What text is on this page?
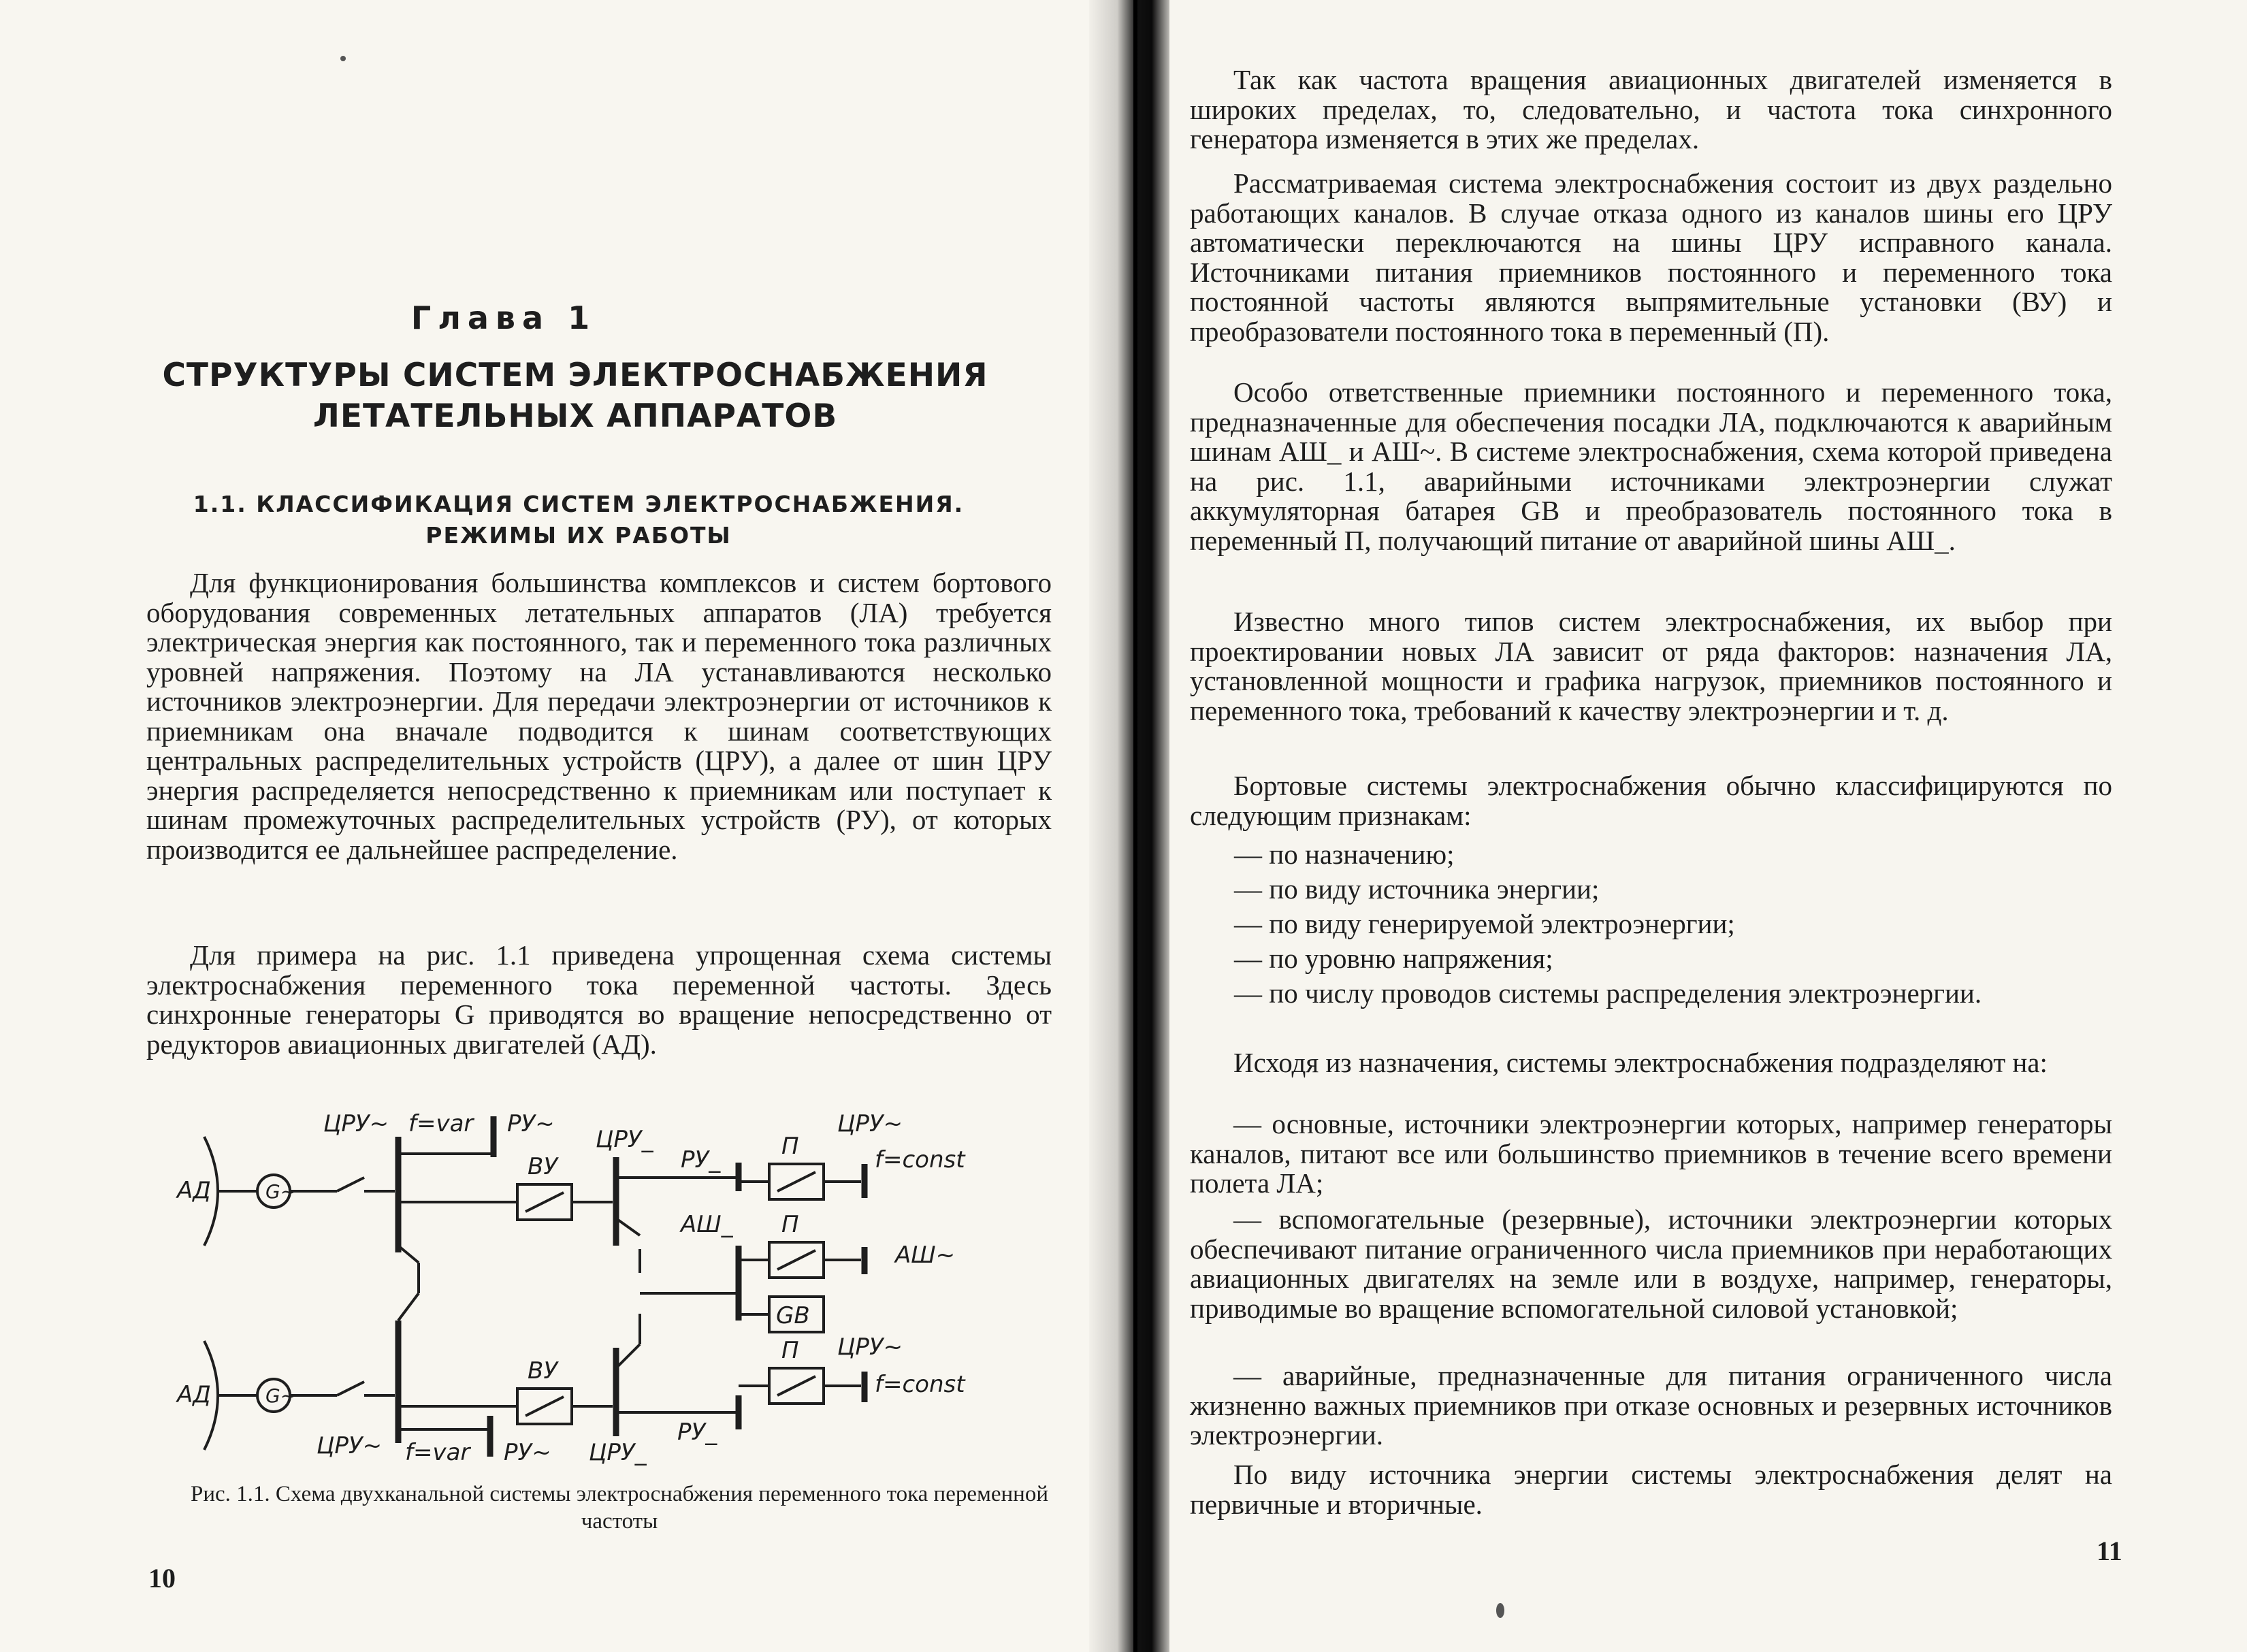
Глава 1
СТРУКТУРЫ СИСТЕМ ЭЛЕКТРОСНАБЖЕНИЯ ЛЕТАТЕЛЬНЫХ АППАРАТОВ
1.1. КЛАССИФИКАЦИЯ СИСТЕМ ЭЛЕКТРОСНАБЖЕНИЯ. РЕЖИМЫ ИХ РАБОТЫ

Для функционирования большинства комплексов и систем бортового оборудования современных летательных аппаратов (ЛА) требуется электрическая энергия как постоянного, так и переменного тока различных уровней напряжения. Поэтому на ЛА устанавливаются несколько источников электроэнергии. Для передачи электроэнергии от источников к приемникам она вначале подводится к шинам соответствующих центральных распределительных устройств (ЦРУ), а далее от шин ЦРУ энергия распределяется непосредственно к приемникам или поступает к шинам промежуточных распределительных устройств (РУ), от которых производится ее дальнейшее распределение.

Для примера на рис. 1.1 приведена упрощенная схема системы электроснабжения переменного тока переменной частоты. Здесь синхронные генераторы G приводятся во вращение непосредственно от редукторов авиационных двигателей (АД).

АД
АД
G~
G~
ЦРУ~
ЦРУ~
f=var РУ~
f=var РУ~
ВУ
ВУ
ЦРУ_
ЦРУ_
РУ_
РУ_
АШ_
П
П
GB
П
ЦРУ~
f=const
АШ~
ЦРУ~
f=const
Рис. 1.1. Схема двухканальной системы электроснабжения переменного тока переменной частоты
10

Так как частота вращения авиационных двигателей изменяется в широких пределах, то, следовательно, и частота тока синхронного генератора изменяется в этих же пределах.

Рассматриваемая система электроснабжения состоит из двух раздельно работающих каналов. В случае отказа одного из каналов шины его ЦРУ автоматически переключаются на шины ЦРУ исправного канала. Источниками питания приемников постоянного и переменного тока постоянной частоты являются выпрямительные установки (ВУ) и преобразователи постоянного тока в переменный (П).

Особо ответственные приемники постоянного и переменного тока, предназначенные для обеспечения посадки ЛА, подключаются к аварийным шинам АШ_ и АШ~. В системе электроснабжения, схема которой приведена на рис. 1.1, аварийными источниками электроэнергии служат аккумуляторная батарея GB и преобразователь постоянного тока в переменный П, получающий питание от аварийной шины АШ_.

Известно много типов систем электроснабжения, их выбор при проектировании новых ЛА зависит от ряда факторов: назначения ЛА, установленной мощности и графика нагрузок, приемников постоянного и переменного тока, требований к качеству электроэнергии и т. д.

Бортовые системы электроснабжения обычно классифицируются по следующим признакам:

— по назначению;

— по виду источника энергии;

— по виду генерируемой электроэнергии;

— по уровню напряжения;

— по числу проводов системы распределения электроэнергии.

Исходя из назначения, системы электроснабжения подразделяют на:

— основные, источники электроэнергии которых, например генераторы каналов, питают все или большинство приемников в течение всего времени полета ЛА;

— вспомогательные (резервные), источники электроэнергии которых обеспечивают питание ограниченного числа приемников при неработающих авиационных двигателях на земле или в воздухе, например, генераторы, приводимые во вращение вспомогательной силовой установкой;

— аварийные, предназначенные для питания ограниченного числа жизненно важных приемников при отказе основных и резервных источников электроэнергии.

По виду источника энергии системы электроснабжения делят на первичные и вторичные.

11
